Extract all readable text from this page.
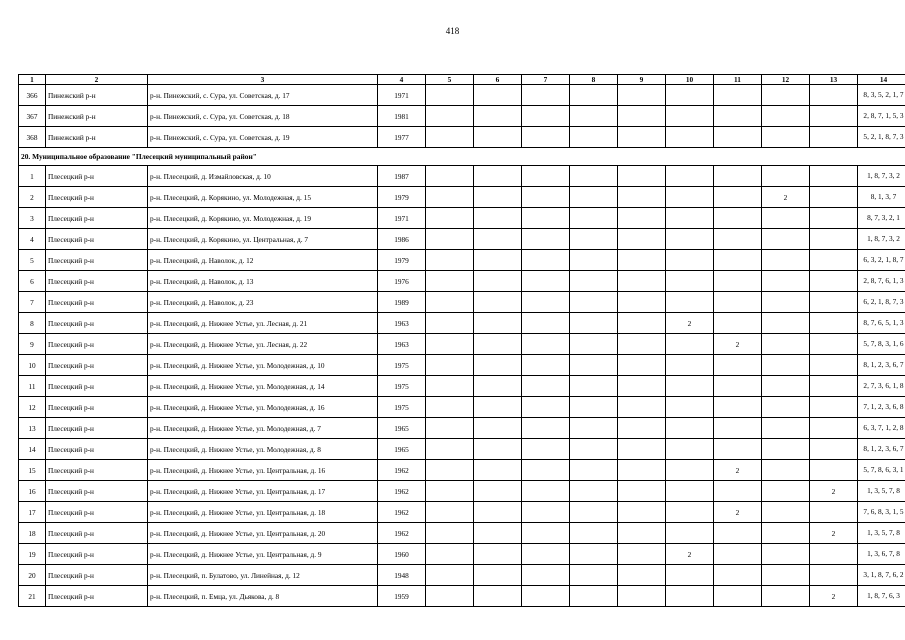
418
1	2	3	4	5	6	7	8	9	10	11	12	13	14
366	Пинежский р-н	р-н. Пинежский, с. Сура, ул. Советская, д. 17	1971										8, 3, 5, 2, 1, 7
367	Пинежский р-н	р-н. Пинежский, с. Сура, ул. Советская, д. 18	1981										2, 8, 7, 1, 5, 3
368	Пинежский р-н	р-н. Пинежский, с. Сура, ул. Советская, д. 19	1977										5, 2, 1, 8, 7, 3
20. Муниципальное образование "Плесецкий муниципальный район"													
1	Плесецкий р-н	р-н. Плесецкий, д. Измайловская, д. 10	1987										1, 8, 7, 3, 2
2	Плесецкий р-н	р-н. Плесецкий, д. Корякино, ул. Молодежная, д. 15	1979								2		8, 1, 3, 7
3	Плесецкий р-н	р-н. Плесецкий, д. Корякино, ул. Молодежная, д. 19	1971										8, 7, 3, 2, 1
4	Плесецкий р-н	р-н. Плесецкий, д. Корякино, ул. Центральная, д. 7	1986										1, 8, 7, 3, 2
5	Плесецкий р-н	р-н. Плесецкий, д. Наволок, д. 12	1979										6, 3, 2, 1, 8, 7
6	Плесецкий р-н	р-н. Плесецкий, д. Наволок, д. 13	1976										2, 8, 7, 6, 1, 3
7	Плесецкий р-н	р-н. Плесецкий, д. Наволок, д. 23	1989										6, 2, 1, 8, 7, 3
8	Плесецкий р-н	р-н. Плесецкий, д. Нижнее Устье, ул. Лесная, д. 21	1963						2				8, 7, 6, 5, 1, 3
9	Плесецкий р-н	р-н. Плесецкий, д. Нижнее Устье, ул. Лесная, д. 22	1963							2			5, 7, 8, 3, 1, 6
10	Плесецкий р-н	р-н. Плесецкий, д. Нижнее Устье, ул. Молодежная, д. 10	1975										8, 1, 2, 3, 6, 7
11	Плесецкий р-н	р-н. Плесецкий, д. Нижнее Устье, ул. Молодежная, д. 14	1975										2, 7, 3, 6, 1, 8
12	Плесецкий р-н	р-н. Плесецкий, д. Нижнее Устье, ул. Молодежная, д. 16	1975										7, 1, 2, 3, 6, 8
13	Плесецкий р-н	р-н. Плесецкий, д. Нижнее Устье, ул. Молодежная, д. 7	1965										6, 3, 7, 1, 2, 8
14	Плесецкий р-н	р-н. Плесецкий, д. Нижнее Устье, ул. Молодежная, д. 8	1965										8, 1, 2, 3, 6, 7
15	Плесецкий р-н	р-н. Плесецкий, д. Нижнее Устье, ул. Центральная, д. 16	1962							2			5, 7, 8, 6, 3, 1
16	Плесецкий р-н	р-н. Плесецкий, д. Нижнее Устье, ул. Центральная, д. 17	1962									2	1, 3, 5, 7, 8
17	Плесецкий р-н	р-н. Плесецкий, д. Нижнее Устье, ул. Центральная, д. 18	1962							2			7, 6, 8, 3, 1, 5
18	Плесецкий р-н	р-н. Плесецкий, д. Нижнее Устье, ул. Центральная, д. 20	1962									2	1, 3, 5, 7, 8
19	Плесецкий р-н	р-н. Плесецкий, д. Нижнее Устье, ул. Центральная, д. 9	1960						2				1, 3, 6, 7, 8
20	Плесецкий р-н	р-н. Плесецкий, п. Булатово, ул. Линейная, д. 12	1948										3, 1, 8, 7, 6, 2
21	Плесецкий р-н	р-н. Плесецкий, п. Емца, ул. Дьякова, д. 8	1959									2	1, 8, 7, 6, 3
